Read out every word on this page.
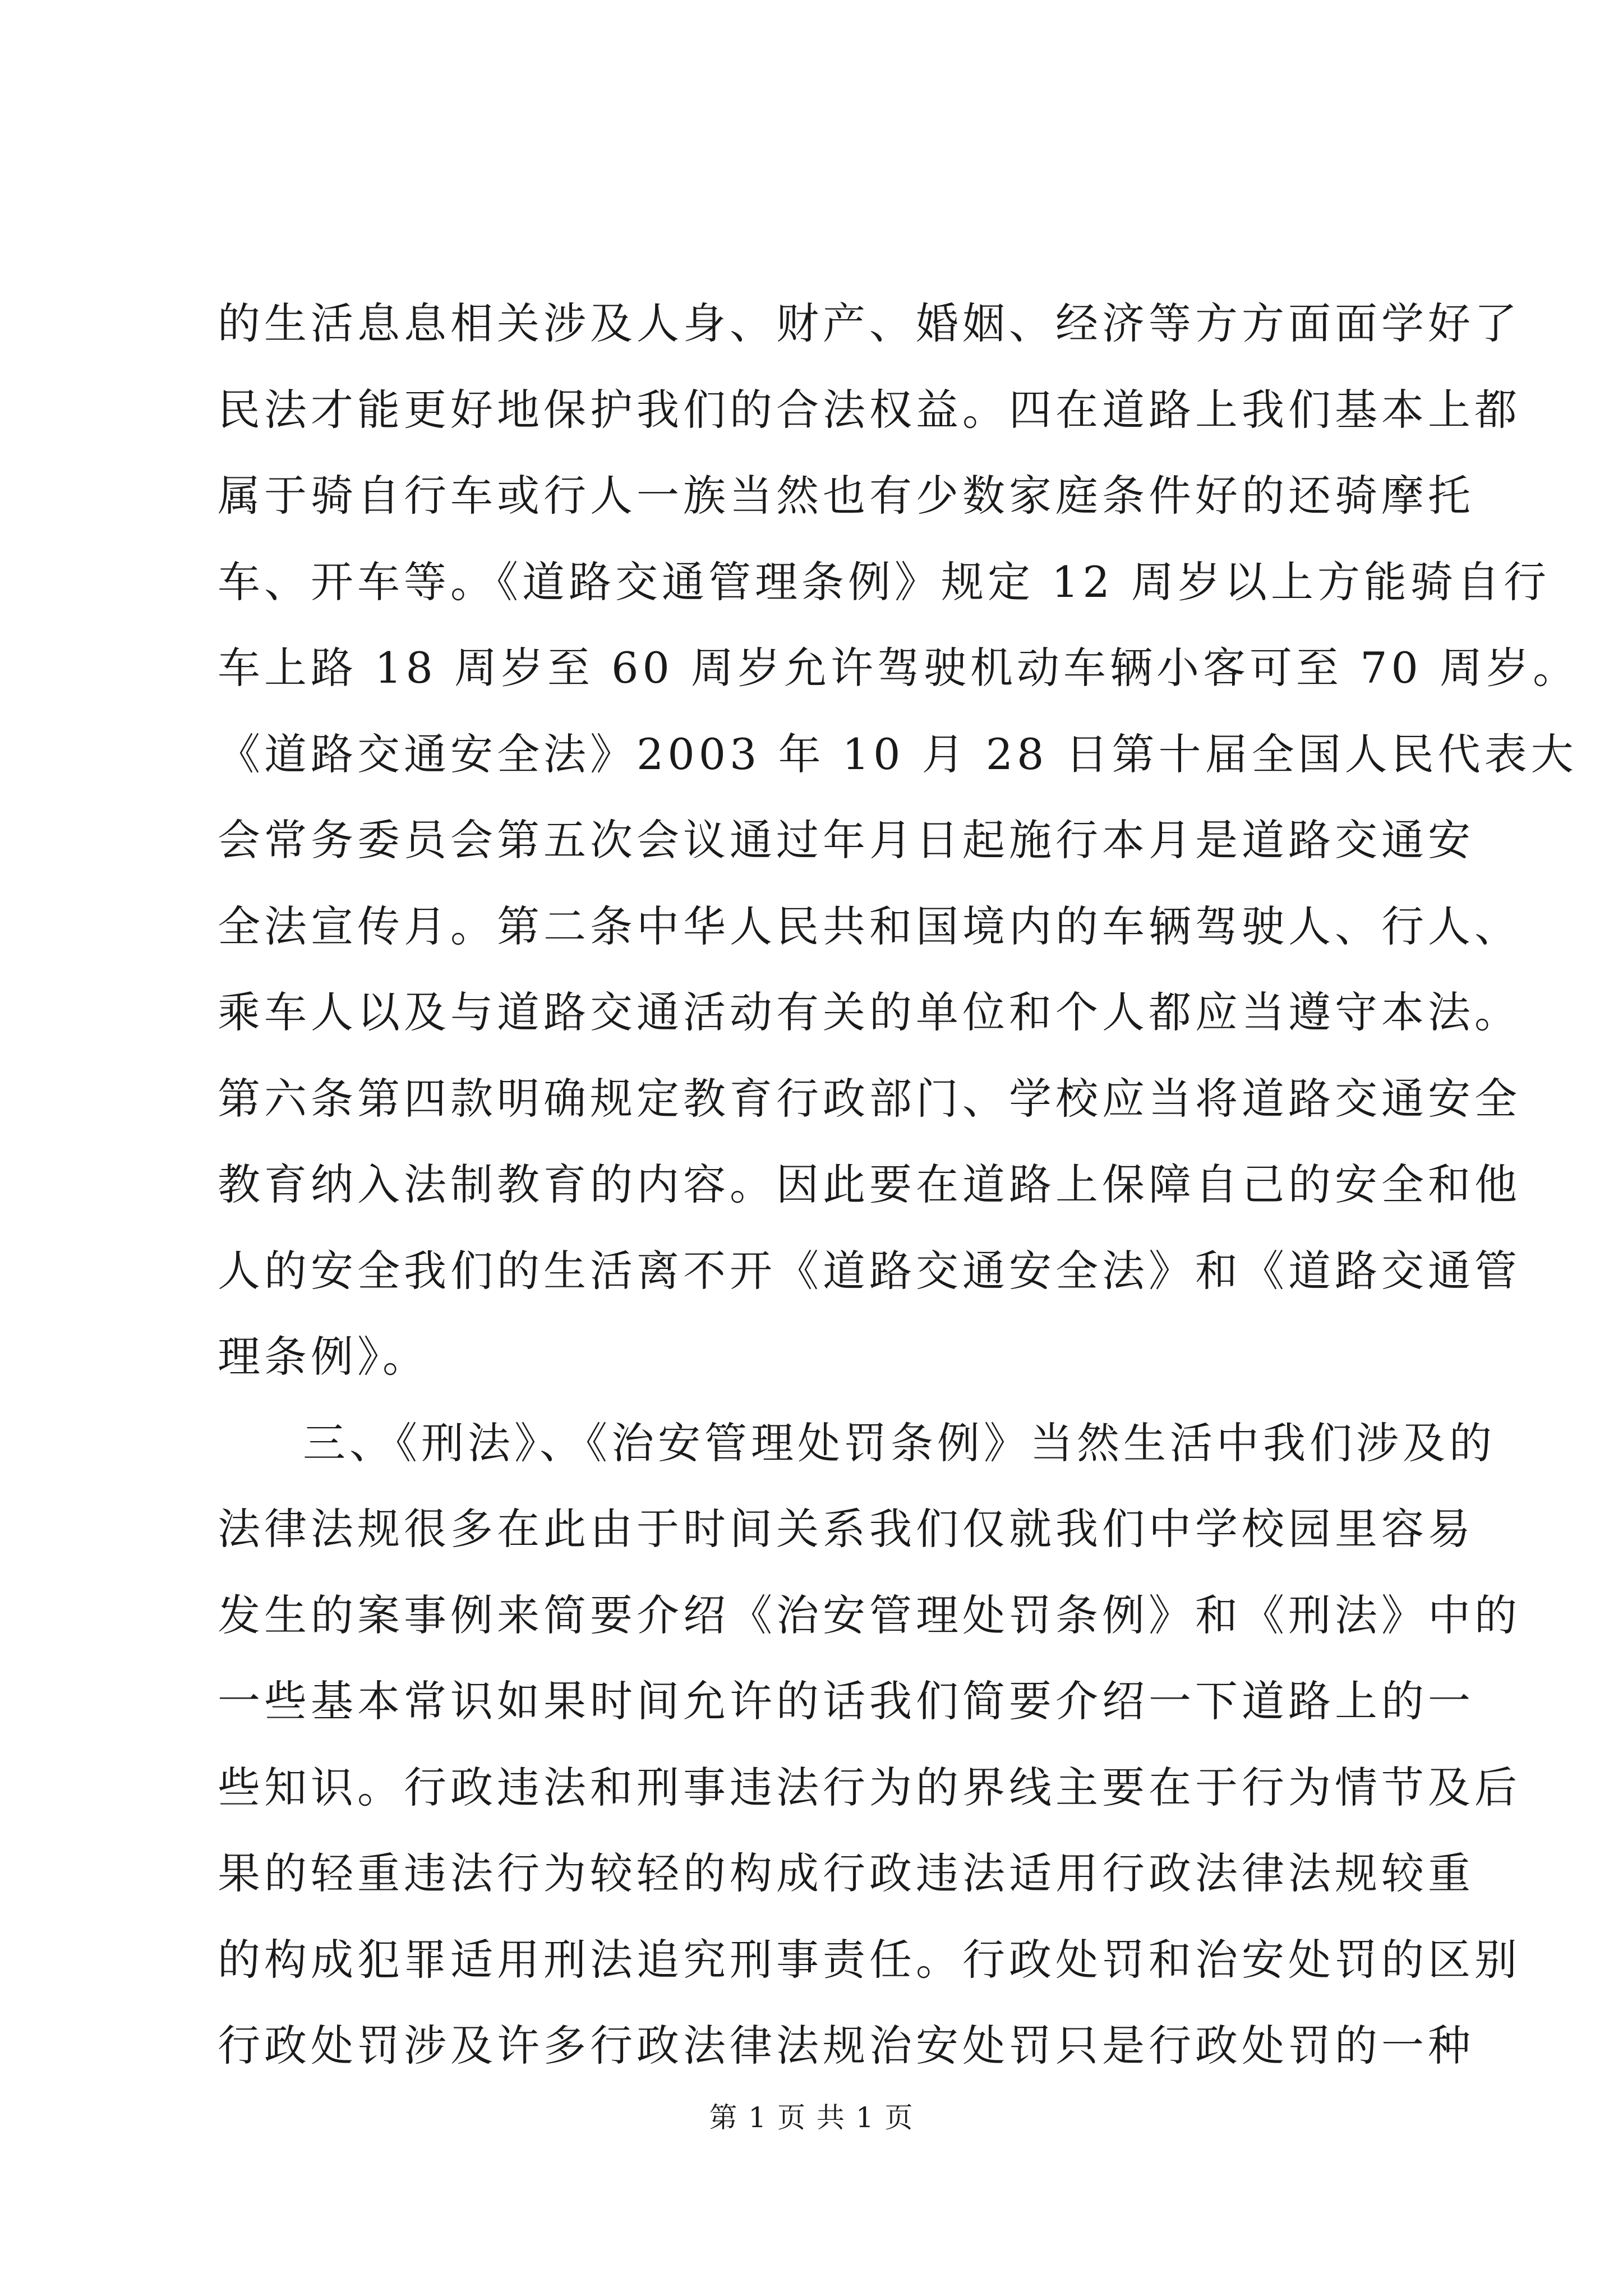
的生活息息相关涉及人身、财产、婚姻、经济等方方面面学好了
民法才能更好地保护我们的合法权益。四在道路上我们基本上都
属于骑自行车或行人一族当然也有少数家庭条件好的还骑摩托
车、开车等。《道路交通管理条例》规定 12 周岁以上方能骑自行
车上路 18 周岁至 60 周岁允许驾驶机动车辆小客可至 70 周岁。
《道路交通安全法》2003 年 10 月 28 日第十届全国人民代表大
会常务委员会第五次会议通过年月日起施行本月是道路交通安
全法宣传月。第二条中华人民共和国境内的车辆驾驶人、行人、
乘车人以及与道路交通活动有关的单位和个人都应当遵守本法。
第六条第四款明确规定教育行政部门、学校应当将道路交通安全
教育纳入法制教育的内容。因此要在道路上保障自己的安全和他
人的安全我们的生活离不开《道路交通安全法》和《道路交通管
理条例》。
三、《刑法》、《治安管理处罚条例》当然生活中我们涉及的
法律法规很多在此由于时间关系我们仅就我们中学校园里容易
发生的案事例来简要介绍《治安管理处罚条例》和《刑法》中的
一些基本常识如果时间允许的话我们简要介绍一下道路上的一
些知识。行政违法和刑事违法行为的界线主要在于行为情节及后
果的轻重违法行为较轻的构成行政违法适用行政法律法规较重
的构成犯罪适用刑法追究刑事责任。行政处罚和治安处罚的区别
行政处罚涉及许多行政法律法规治安处罚只是行政处罚的一种
第 1 页 共 1 页
